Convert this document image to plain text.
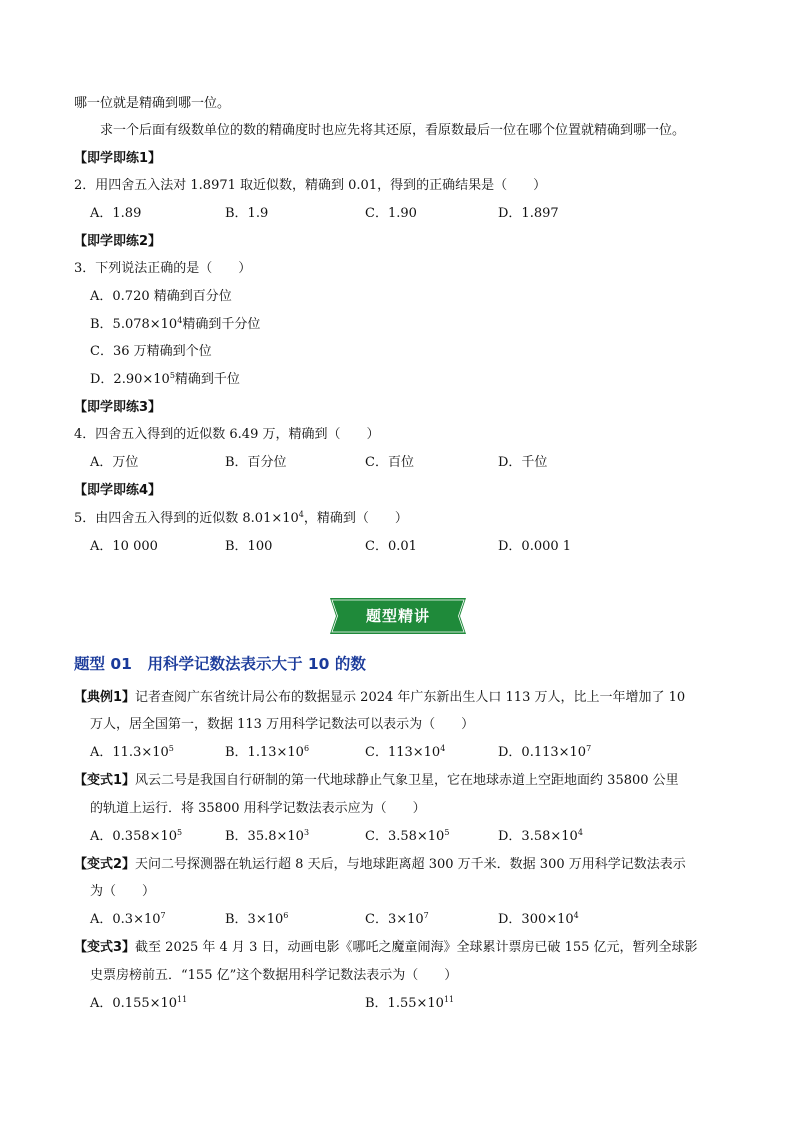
哪一位就是精确到哪一位。
求一个后面有级数单位的数的精确度时也应先将其还原，看原数最后一位在哪个位置就精确到哪一位。
【即学即练1】
2．用四舍五入法对 1.8971 取近似数，精确到 0.01，得到的正确结果是（　　）
A．1.89	B．1.9	C．1.90	D．1.897
【即学即练2】
3．下列说法正确的是（　　）
A．0.720 精确到百分位
B．$5.078\times 10^4$精确到千分位
C．36 万精确到个位
D．$2.90\times 10^5$精确到千位
【即学即练3】
4．四舍五入得到的近似数 6.49 万，精确到（　　）
A．万位	B．百分位	C．百位	D．千位
【即学即练4】
5．由四舍五入得到的近似数 $8.01\times 10^4$，精确到（　　）
A．10 000	B．100	C．0.01	D．0.000 1
题型精讲
题型 01　用科学记数法表示大于 10 的数
【典例1】记者查阅广东省统计局公布的数据显示 2024 年广东新出生人口 113 万人，比上一年增加了 10
万人，居全国第一，数据 113 万用科学记数法可以表示为（　　）
A．$11.3\times 10^5$	B．$1.13\times 10^6$	C．$113\times 10^4$	D．$0.113\times 10^7$
【变式1】风云二号是我国自行研制的第一代地球静止气象卫星，它在地球赤道上空距地面约 35800 公里
的轨道上运行．将 35800 用科学记数法表示应为（　　）
A．$0.358\times 10^5$	B．$35.8\times 10^3$	C．$3.58\times 10^5$	D．$3.58\times 10^4$
【变式2】天问二号探测器在轨运行超 8 天后，与地球距离超 300 万千米．数据 300 万用科学记数法表示
为（　　）
A．$0.3\times 10^7$	B．$3\times 10^6$	C．$3\times 10^7$	D．$300\times 10^4$
【变式3】截至 2025 年 4 月 3 日，动画电影《哪吒之魔童闹海》全球累计票房已破 155 亿元，暂列全球影
史票房榜前五．“155 亿”这个数据用科学记数法表示为（　　）
A．$0.155\times 10^{11}$	B．$1.55\times 10^{11}$
